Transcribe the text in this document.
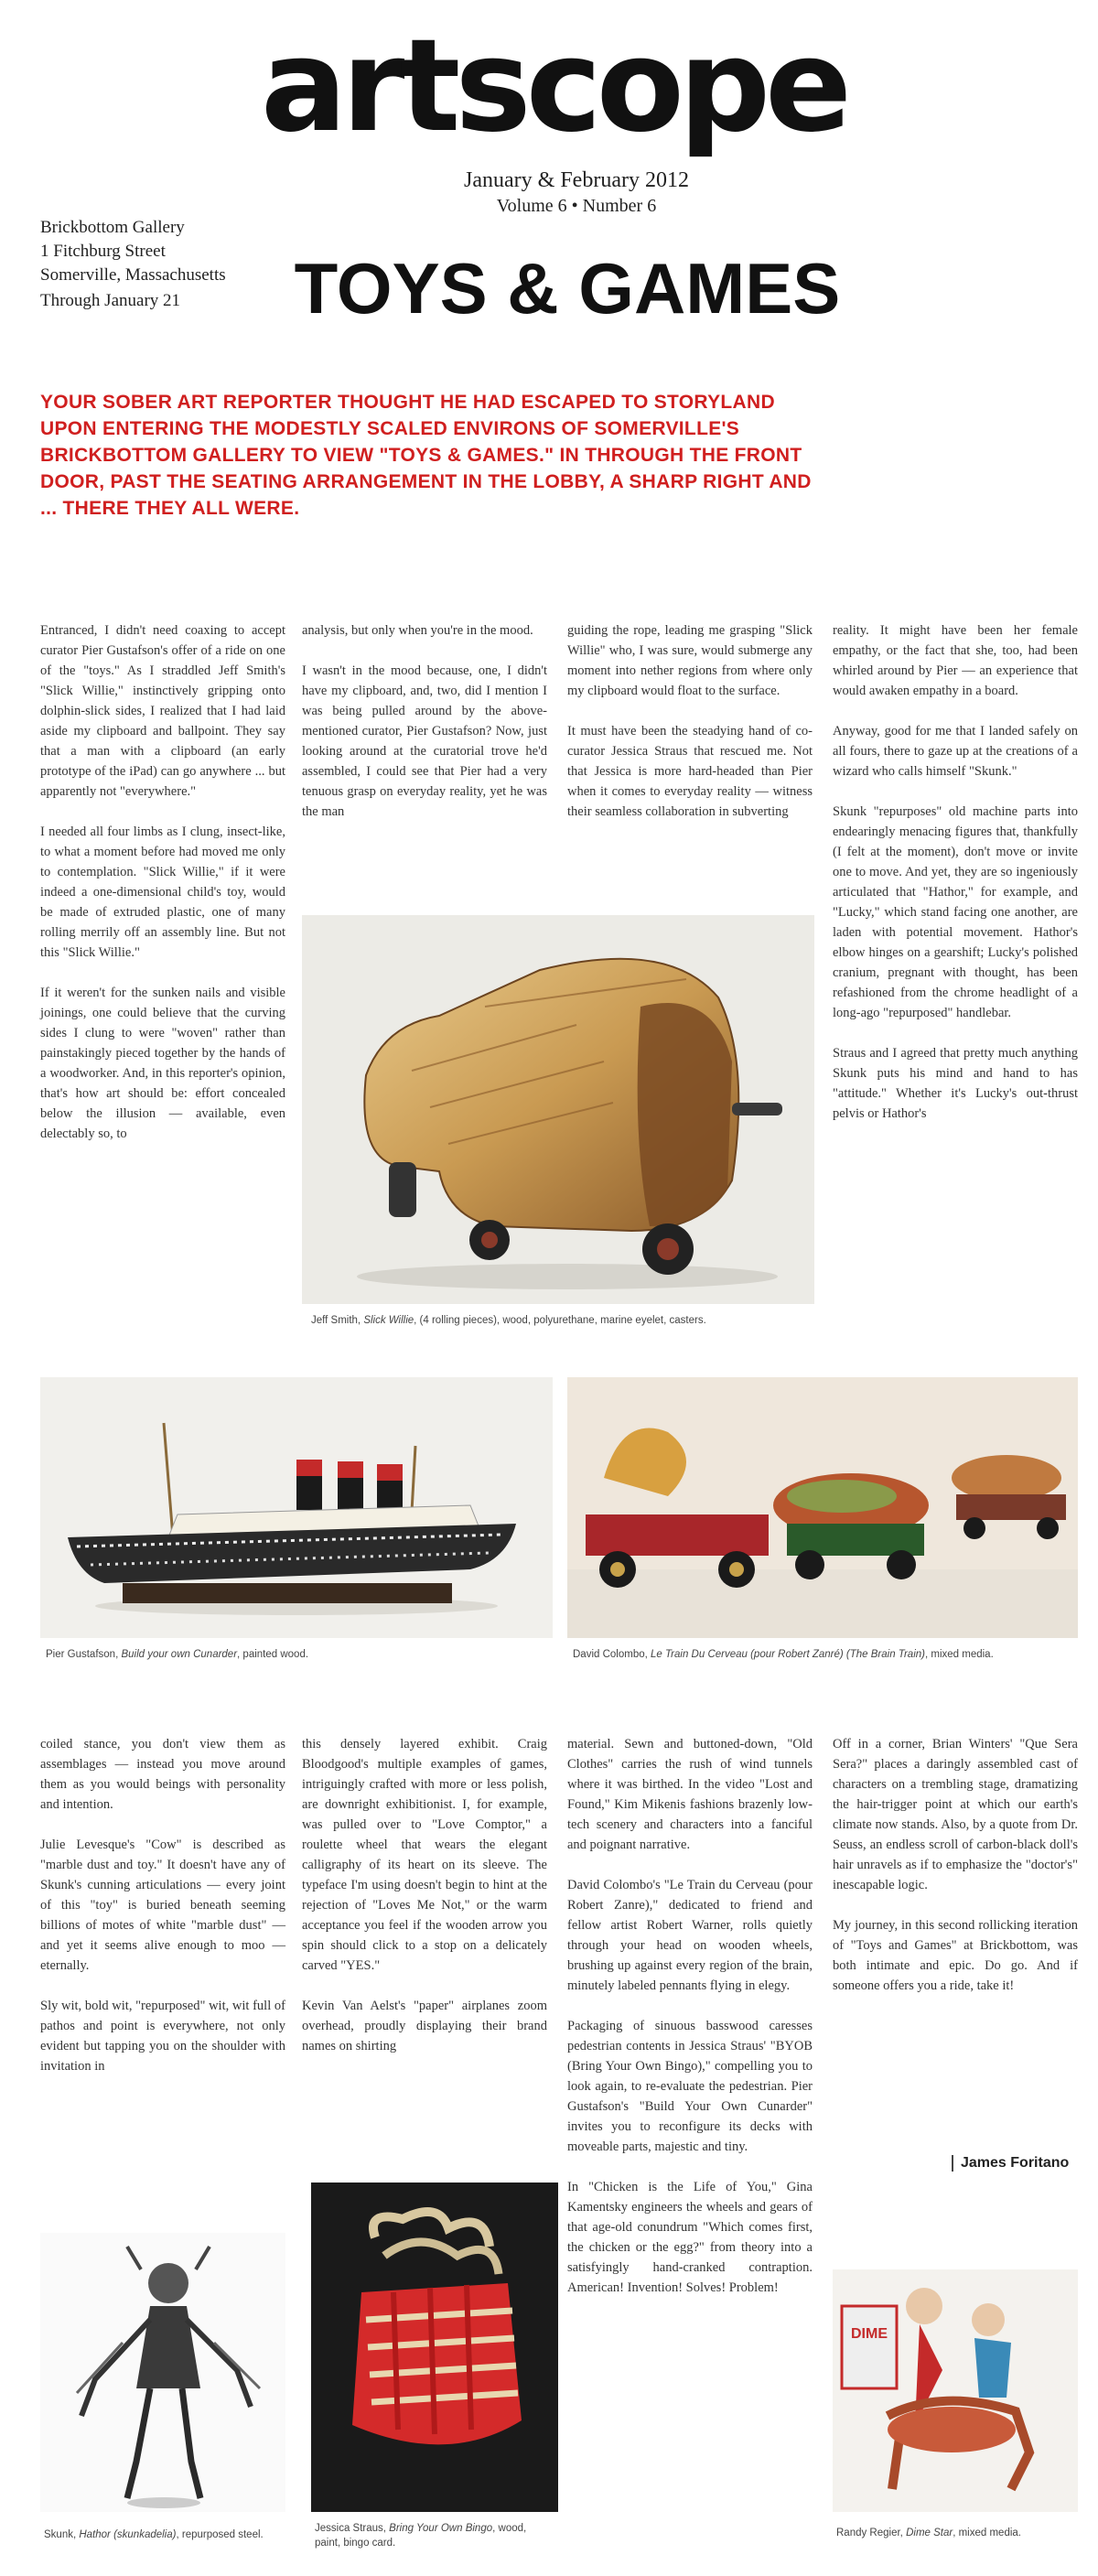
artscope
Brickbottom Gallery
1 Fitchburg Street
Somerville, Massachusetts
Through January 21
January & February 2012
Volume 6 • Number 6
TOYS & GAMES
YOUR SOBER ART REPORTER THOUGHT HE HAD ESCAPED TO STORYLAND UPON ENTERING THE MODESTLY SCALED ENVIRONS OF SOMERVILLE'S BRICKBOTTOM GALLERY TO VIEW "TOYS & GAMES." IN THROUGH THE FRONT DOOR, PAST THE SEATING ARRANGEMENT IN THE LOBBY, A SHARP RIGHT AND ... THERE THEY ALL WERE.

Entranced, I didn't need coaxing to accept curator Pier Gustafson's offer of a ride on one of the "toys." As I straddled Jeff Smith's "Slick Willie," instinctively gripping onto dolphin-slick sides, I realized that I had laid aside my clipboard and ballpoint. They say that a man with a clipboard (an early prototype of the iPad) can go anywhere ... but apparently not "everywhere."

I needed all four limbs as I clung, insect-like, to what a moment before had moved me only to contemplation. "Slick Willie," if it were indeed a one-dimensional child's toy, would be made of extruded plastic, one of many rolling merrily off an assembly line. But not this "Slick Willie."

If it weren't for the sunken nails and visible joinings, one could believe that the curving sides I clung to were "woven" rather than painstakingly pieced together by the hands of a woodworker. And, in this reporter's opinion, that's how art should be: effort concealed below the illusion — available, even delectably so, to

analysis, but only when you're in the mood.

I wasn't in the mood because, one, I didn't have my clipboard, and, two, did I mention I was being pulled around by the above-mentioned curator, Pier Gustafson? Now, just looking around at the curatorial trove he'd assembled, I could see that Pier had a very tenuous grasp on everyday reality, yet he was the man

guiding the rope, leading me grasping "Slick Willie" who, I was sure, would submerge any moment into nether regions from where only my clipboard would float to the surface.

It must have been the steadying hand of co-curator Jessica Straus that rescued me. Not that Jessica is more hard-headed than Pier when it comes to everyday reality — witness their seamless collaboration in subverting

reality. It might have been her female empathy, or the fact that she, too, had been whirled around by Pier — an experience that would awaken empathy in a board.

Anyway, good for me that I landed safely on all fours, there to gaze up at the creations of a wizard who calls himself "Skunk."

Skunk "repurposes" old machine parts into endearingly menacing figures that, thankfully (I felt at the moment), don't move or invite one to move. And yet, they are so ingeniously articulated that "Hathor," for example, and "Lucky," which stand facing one another, are laden with potential movement. Hathor's elbow hinges on a gearshift; Lucky's polished cranium, pregnant with thought, has been refashioned from the chrome headlight of a long-ago "repurposed" handlebar.

Straus and I agreed that pretty much anything Skunk puts his mind and hand to has "attitude." Whether it's Lucky's out-thrust pelvis or Hathor's

Jeff Smith, Slick Willie, (4 rolling pieces), wood, polyurethane, marine eyelet, casters.
Pier Gustafson, Build your own Cunarder, painted wood.	David Colombo, Le Train Du Cerveau (pour Robert Zanré) (The Brain Train), mixed media.

coiled stance, you don't view them as assemblages — instead you move around them as you would beings with personality and intention.

Julie Levesque's "Cow" is described as "marble dust and toy." It doesn't have any of Skunk's cunning articulations — every joint of this "toy" is buried beneath seeming billions of motes of white "marble dust" — and yet it seems alive enough to moo — eternally.

Sly wit, bold wit, "repurposed" wit, wit full of pathos and point is everywhere, not only evident but tapping you on the shoulder with invitation in

this densely layered exhibit. Craig Bloodgood's multiple examples of games, intriguingly crafted with more or less polish, are downright exhibitionist. I, for example, was pulled over to "Love Comptor," a roulette wheel that wears the elegant calligraphy of its heart on its sleeve. The typeface I'm using doesn't begin to hint at the rejection of "Loves Me Not," or the warm acceptance you feel if the wooden arrow you spin should click to a stop on a delicately carved "YES."

Kevin Van Aelst's "paper" airplanes zoom overhead, proudly displaying their brand names on shirting

material. Sewn and buttoned-down, "Old Clothes" carries the rush of wind tunnels where it was birthed. In the video "Lost and Found," Kim Mikenis fashions brazenly low-tech scenery and characters into a fanciful and poignant narrative.

David Colombo's "Le Train du Cerveau (pour Robert Zanre)," dedicated to friend and fellow artist Robert Warner, rolls quietly through your head on wooden wheels, brushing up against every region of the brain, minutely labeled pennants flying in elegy.

Packaging of sinuous basswood caresses pedestrian contents in Jessica Straus' "BYOB (Bring Your Own Bingo)," compelling you to look again, to re-evaluate the pedestrian. Pier Gustafson's "Build Your Own Cunarder" invites you to reconfigure its decks with moveable parts, majestic and tiny.

In "Chicken is the Life of You," Gina Kamentsky engineers the wheels and gears of that age-old conundrum "Which comes first, the chicken or the egg?" from theory into a satisfyingly hand-cranked contraption. American! Invention! Solves! Problem!

Off in a corner, Brian Winters' "Que Sera Sera?" places a daringly assembled cast of characters on a trembling stage, dramatizing the hair-trigger point at which our earth's climate now stands. Also, by a quote from Dr. Seuss, an endless scroll of carbon-black doll's hair unravels as if to emphasize the "doctor's" inescapable logic.

My journey, in this second rollicking iteration of "Toys and Games" at Brickbottom, was both intimate and epic. Do go. And if someone offers you a ride, take it!

James Foritano
Skunk, Hathor (skunkadelia), repurposed steel.
Jessica Straus, Bring Your Own Bingo, wood, paint, bingo card.
DIME
Randy Regier, Dime Star, mixed media.
